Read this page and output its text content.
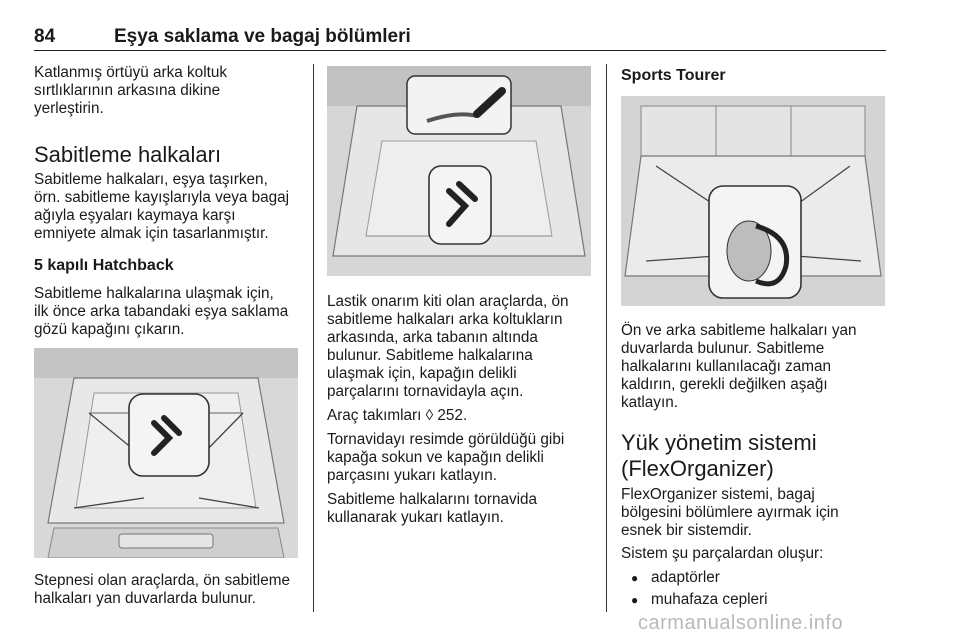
84	Eşya saklama ve bagaj bölümleri

Katlanmış örtüyü arka koltuk

sırtlıklarının arkasına dikine

yerleştirin.

Sabitleme halkaları

Sabitleme halkaları, eşya taşırken,

örn. sabitleme kayışlarıyla veya bagaj

ağıyla eşyaları kaymaya karşı

emniyete almak için tasarlanmıştır.

5 kapılı Hatchback

Sabitleme halkalarına ulaşmak için,

ilk önce arka tabandaki eşya saklama

gözü kapağını çıkarın.

Stepnesi olan araçlarda, ön sabitleme

halkaları yan duvarlarda bulunur.

Lastik onarım kiti olan araçlarda, ön

sabitleme halkaları arka koltukların

arkasında, arka tabanın altında

bulunur. Sabitleme halkalarına

ulaşmak için, kapağın delikli

parçalarını tornavidayla açın.

Araç takımları ◊ 252.

Tornavidayı resimde görüldüğü gibi

kapağa sokun ve kapağın delikli

parçasını yukarı katlayın.

Sabitleme halkalarını tornavida

kullanarak yukarı katlayın.

Sports Tourer

Ön ve arka sabitleme halkaları yan

duvarlarda bulunur. Sabitleme

halkalarını kullanılacağı zaman

kaldırın, gerekli değilken aşağı

katlayın.

Yük yönetim sistemi
(FlexOrganizer)

FlexOrganizer sistemi, bagaj

bölgesini bölümlere ayırmak için

esnek bir sistemdir.

Sistem şu parçalardan oluşur:

● adaptörler
● muhafaza cepleri
carmanualsonline.info
